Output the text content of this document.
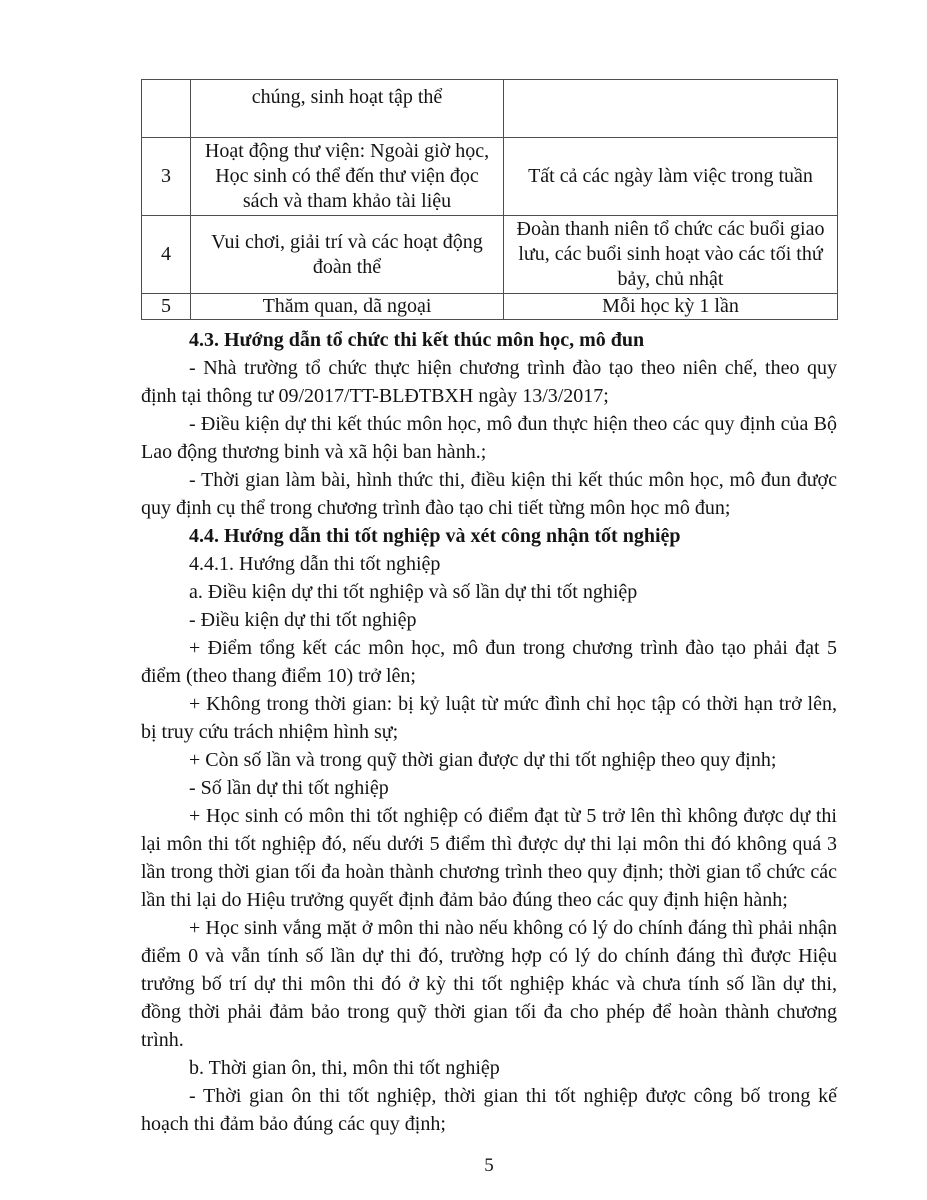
	chúng, sinh hoạt tập thể	
3	Hoạt động thư viện: Ngoài giờ học, Học sinh có thể đến thư viện đọc sách và tham khảo tài liệu	Tất cả các ngày làm việc trong tuần
4	Vui chơi, giải trí và các hoạt động đoàn thể	Đoàn thanh niên tổ chức các buổi giao lưu, các buổi sinh hoạt vào các tối thứ bảy, chủ nhật
5	Thăm quan, dã ngoại	Mỗi học kỳ 1 lần

4.3. Hướng dẫn tổ chức thi kết thúc môn học, mô đun

- Nhà trường tổ chức thực hiện chương trình đào tạo theo niên chế, theo quy định tại thông tư 09/2017/TT-BLĐTBXH ngày 13/3/2017;

- Điều kiện dự thi kết thúc môn học, mô đun thực hiện theo các quy định của Bộ Lao động thương binh và xã hội ban hành.;

- Thời gian làm bài, hình thức thi, điều kiện thi kết thúc môn học, mô đun được quy định cụ thể trong chương trình đào tạo chi tiết từng môn học mô đun;

4.4. Hướng dẫn thi tốt nghiệp và xét công nhận tốt nghiệp

4.4.1. Hướng dẫn thi tốt nghiệp

a. Điều kiện dự thi tốt nghiệp và số lần dự thi tốt nghiệp

- Điều kiện dự thi tốt nghiệp

+ Điểm tổng kết các môn học, mô đun trong chương trình đào tạo phải đạt 5 điểm (theo thang điểm 10) trở lên;

+ Không trong thời gian: bị kỷ luật từ mức đình chỉ học tập có thời hạn trở lên, bị truy cứu trách nhiệm hình sự;

+ Còn số lần và trong quỹ thời gian được dự thi tốt nghiệp theo quy định;

- Số lần dự thi tốt nghiệp

+ Học sinh có môn thi tốt nghiệp có điểm đạt từ 5 trở lên thì không được dự thi lại môn thi tốt nghiệp đó, nếu dưới 5 điểm thì được dự thi lại môn thi đó không quá 3 lần trong thời gian tối đa hoàn thành chương trình theo quy định; thời gian tổ chức các lần thi lại do Hiệu trưởng quyết định đảm bảo đúng theo các quy định hiện hành;

+ Học sinh vắng mặt ở môn thi nào nếu không có lý do chính đáng thì phải nhận điểm 0 và vẫn tính số lần dự thi đó, trường hợp có lý do chính đáng thì được Hiệu trưởng bố trí dự thi môn thi đó ở kỳ thi tốt nghiệp khác và chưa tính số lần dự thi, đồng thời phải đảm bảo trong quỹ thời gian tối đa cho phép để hoàn thành chương trình.

b. Thời gian ôn, thi, môn thi tốt nghiệp

- Thời gian ôn thi tốt nghiệp, thời gian thi tốt nghiệp được công bố trong kế hoạch thi đảm bảo đúng các quy định;

5
